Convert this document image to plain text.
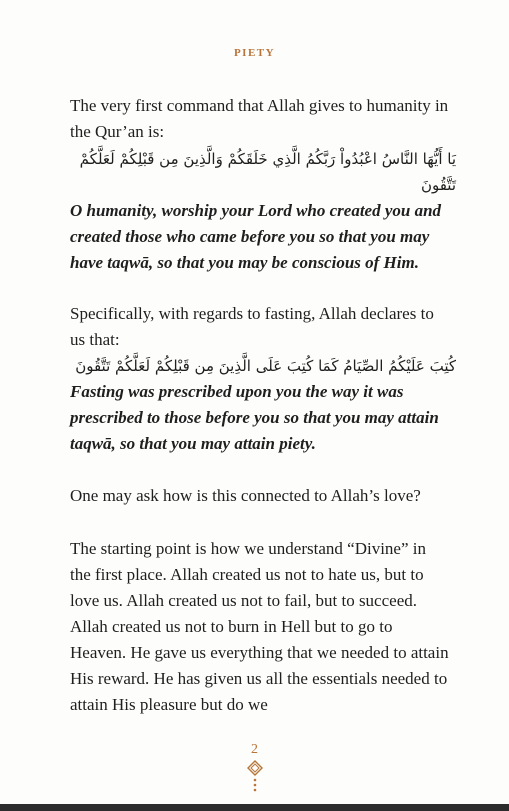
PIETY
The very first command that Allah gives to humanity in the Qur’an is:
يَا أَيُّهَا النَّاسُ اعْبُدُواْ رَبَّكُمُ الَّذِي خَلَقَكُمْ وَالَّذِينَ مِن قَبْلِكُمْ لَعَلَّكُمْ تَتَّقُونَ
O humanity, worship your Lord who created you and created those who came before you so that you may have taqwā, so that you may be conscious of Him.
Specifically, with regards to fasting, Allah declares to us that:
كُتِبَ عَلَيْكُمُ الصِّيَامُ كَمَا كُتِبَ عَلَى الَّذِينَ مِن قَبْلِكُمْ لَعَلَّكُمْ تَتَّقُونَ
Fasting was prescribed upon you the way it was prescribed to those before you so that you may attain taqwā, so that you may attain piety.
One may ask how is this connected to Allah’s love?
The starting point is how we understand “Divine” in the first place. Allah created us not to hate us, but to love us. Allah created us not to fail, but to succeed. Allah created us not to burn in Hell but to go to Heaven. He gave us everything that we needed to attain His reward. He has given us all the essentials needed to attain His pleasure but do we
2
